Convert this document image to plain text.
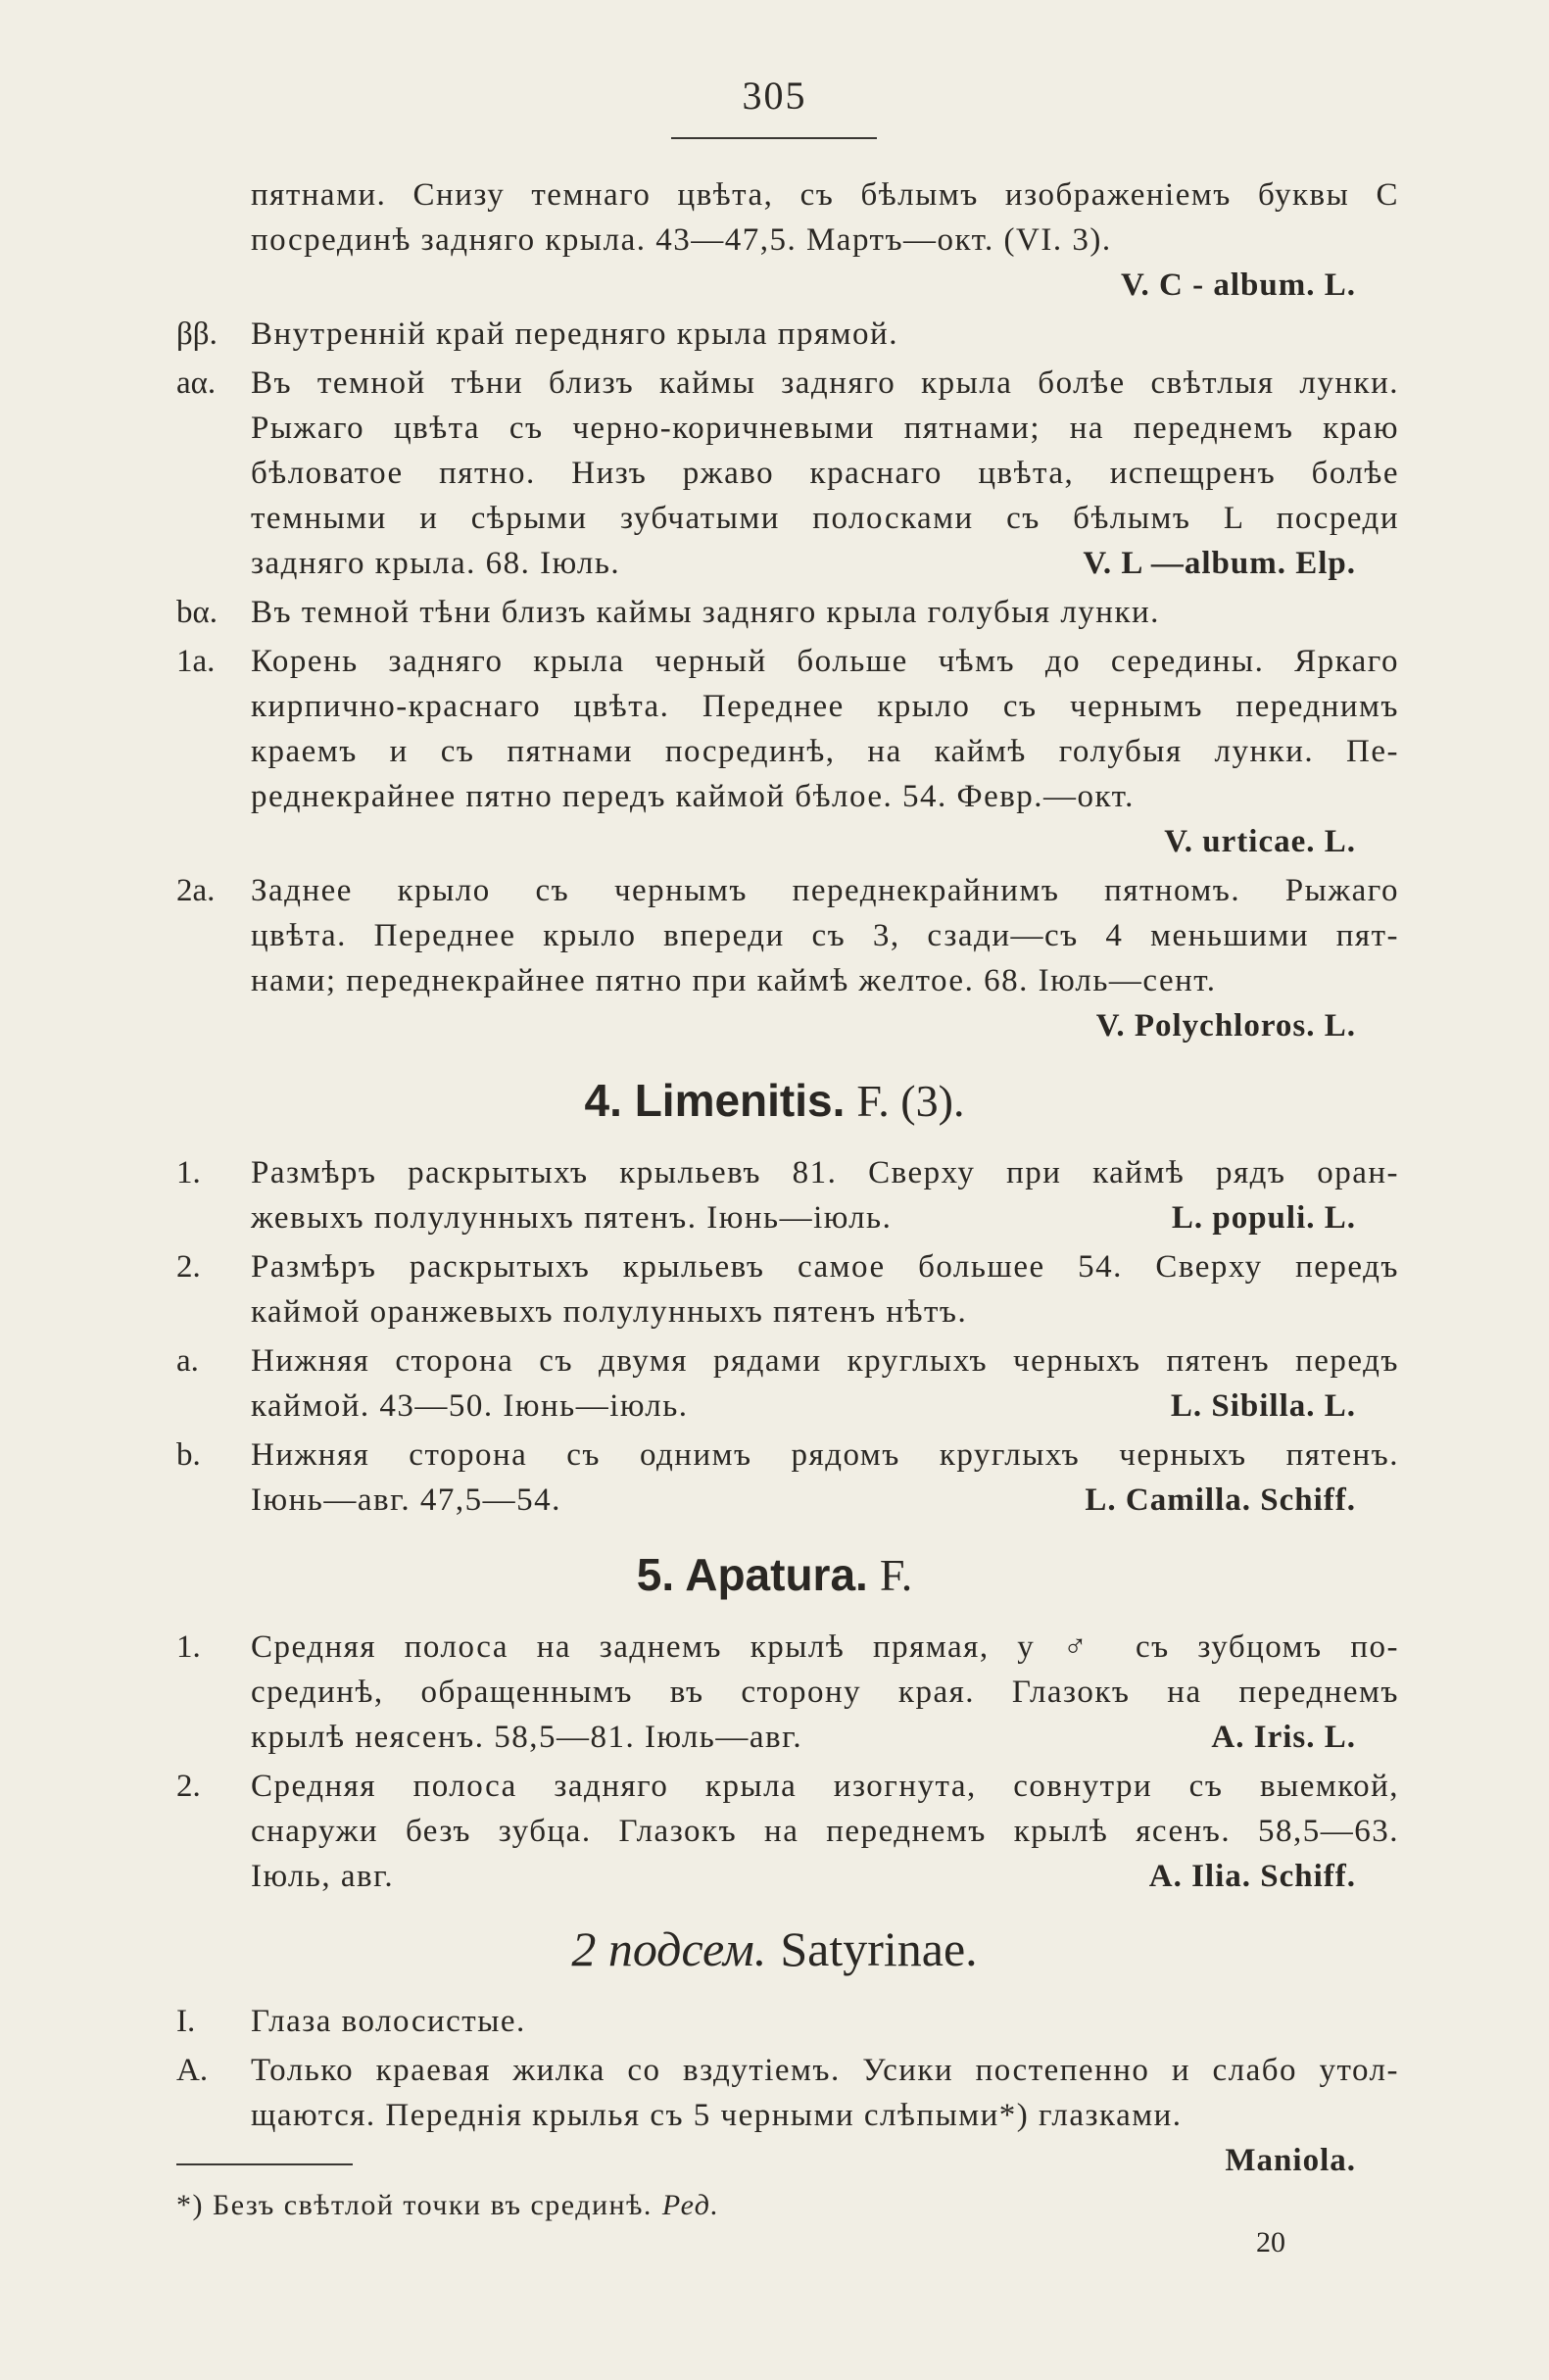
305
пятнами. Снизу темнаго цвѣта, съ бѣлымъ изображенiемъ буквы С
посрединѣ задняго крыла. 43—47,5. Мартъ—окт. (VI. 3).
V. C - album. L.
ββ.	Внутреннiй край передняго крыла прямой.
aα.	Въ темной тѣни близъ каймы задняго крыла болѣе свѣтлыя лунки.
Рыжаго цвѣта съ черно-коричневыми пятнами; на переднемъ краю
бѣловатое пятно. Низъ ржаво краснаго цвѣта, испещренъ болѣе
темными и сѣрыми зубчатыми полосками съ бѣлымъ L посреди
задняго крыла. 68. Iюль.	V. L —album. Elp.
bα.	Въ темной тѣни близъ каймы задняго крыла голубыя лунки.
1a.	Корень задняго крыла черный больше чѣмъ до середины. Яркаго
кирпично-краснаго цвѣта. Переднее крыло съ чернымъ переднимъ
краемъ и съ пятнами посрединѣ, на каймѣ голубыя лунки. Пе-
реднекрайнее пятно передъ каймой бѣлое. 54. Февр.—окт.
V. urticae. L.
2a.	Заднее крыло съ чернымъ переднекрайнимъ пятномъ. Рыжаго
цвѣта. Переднее крыло впереди съ 3, сзади—съ 4 меньшими пят-
нами; переднекрайнее пятно при каймѣ желтое. 68. Iюль—сент.
V. Polychloros. L.
4. Limenitis. F. (3).
1.	Размѣръ раскрытыхъ крыльевъ 81. Сверху при каймѣ рядъ оран-
жевыхъ полулунныхъ пятенъ. Iюнь—iюль.	L. populi. L.
2.	Размѣръ раскрытыхъ крыльевъ самое большее 54. Сверху передъ
каймой оранжевыхъ полулунныхъ пятенъ нѣтъ.
a.	Нижняя сторона съ двумя рядами круглыхъ черныхъ пятенъ передъ
каймой. 43—50. Iюнь—iюль.	L. Sibilla. L.
b.	Нижняя сторона съ однимъ рядомъ круглыхъ черныхъ пятенъ.
Iюнь—авг. 47,5—54.	L. Camilla. Schiff.
5. Apatura. F.
1.	Средняя полоса на заднемъ крылѣ прямая, у ♂ съ зубцомъ по-
срединѣ, обращеннымъ въ сторону края. Глазокъ на переднемъ
крылѣ неясенъ. 58,5—81. Iюль—авг.	A. Iris. L.
2.	Средняя полоса задняго крыла изогнута, совнутри съ выемкой,
снаружи безъ зубца. Глазокъ на переднемъ крылѣ ясенъ. 58,5—63.
Iюль, авг.	A. Ilia. Schiff.
2 подсем. Satyrinae.
I.	Глаза волосистые.
A.	Только краевая жилка со вздутiемъ. Усики постепенно и слабо утол-
щаются. Переднiя крылья съ 5 черными слѣпыми*) глазками.
Maniola.
*) Безъ свѣтлой точки въ срединѣ. Ред.
20
